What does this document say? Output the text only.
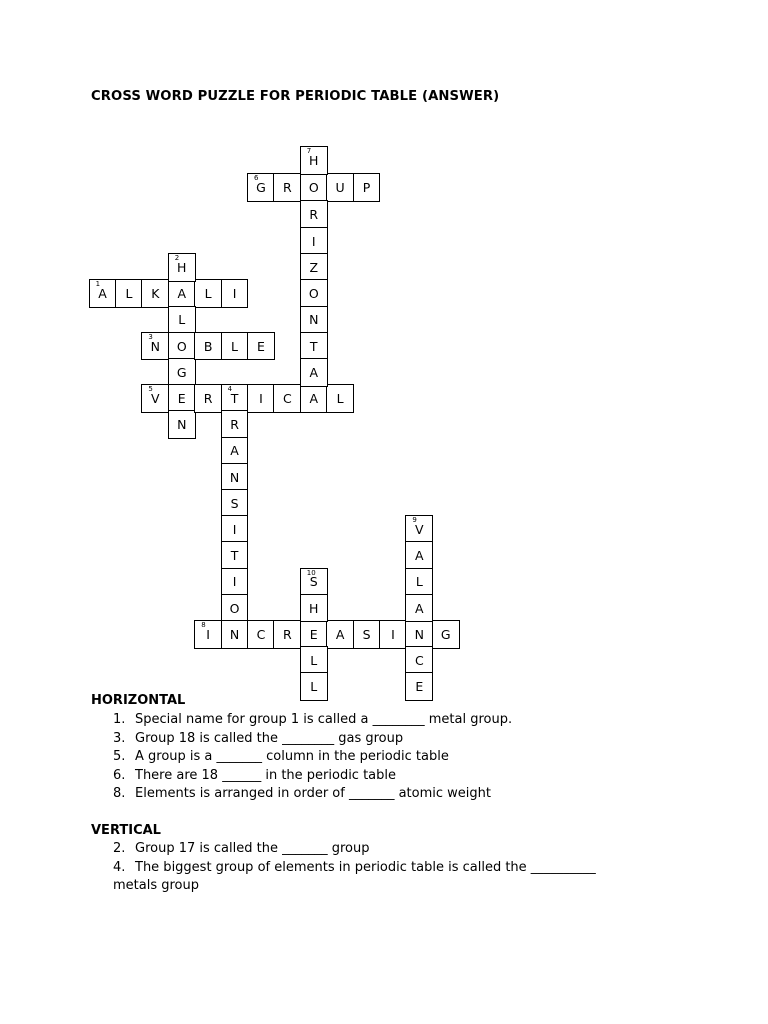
CROSS WORD PUZZLE FOR PERIODIC TABLE (ANSWER)
A
1
L K A L I
H
2
L
O
G
E
N
N
3
B L E
T
4
R
A
N
S
I
T
I
O
N
V
5
R	I C A L
G
6
R O U P
H
7
R
I
Z
O
N
T
A
I
8
C R E A S I N G
V
9
A
L
A
C
E
S
10
H
L
L
HORIZONTAL
1. Special name for group 1 is called a ________ metal group.
3. Group 18 is called the ________ gas group
5. A group is a _______ column in the periodic table
6. There are 18 ______ in the periodic table
8. Elements is arranged in order of _______ atomic weight
VERTICAL
2. Group 17 is called the _______ group
4. The biggest group of elements in periodic table is called the __________
metals group
